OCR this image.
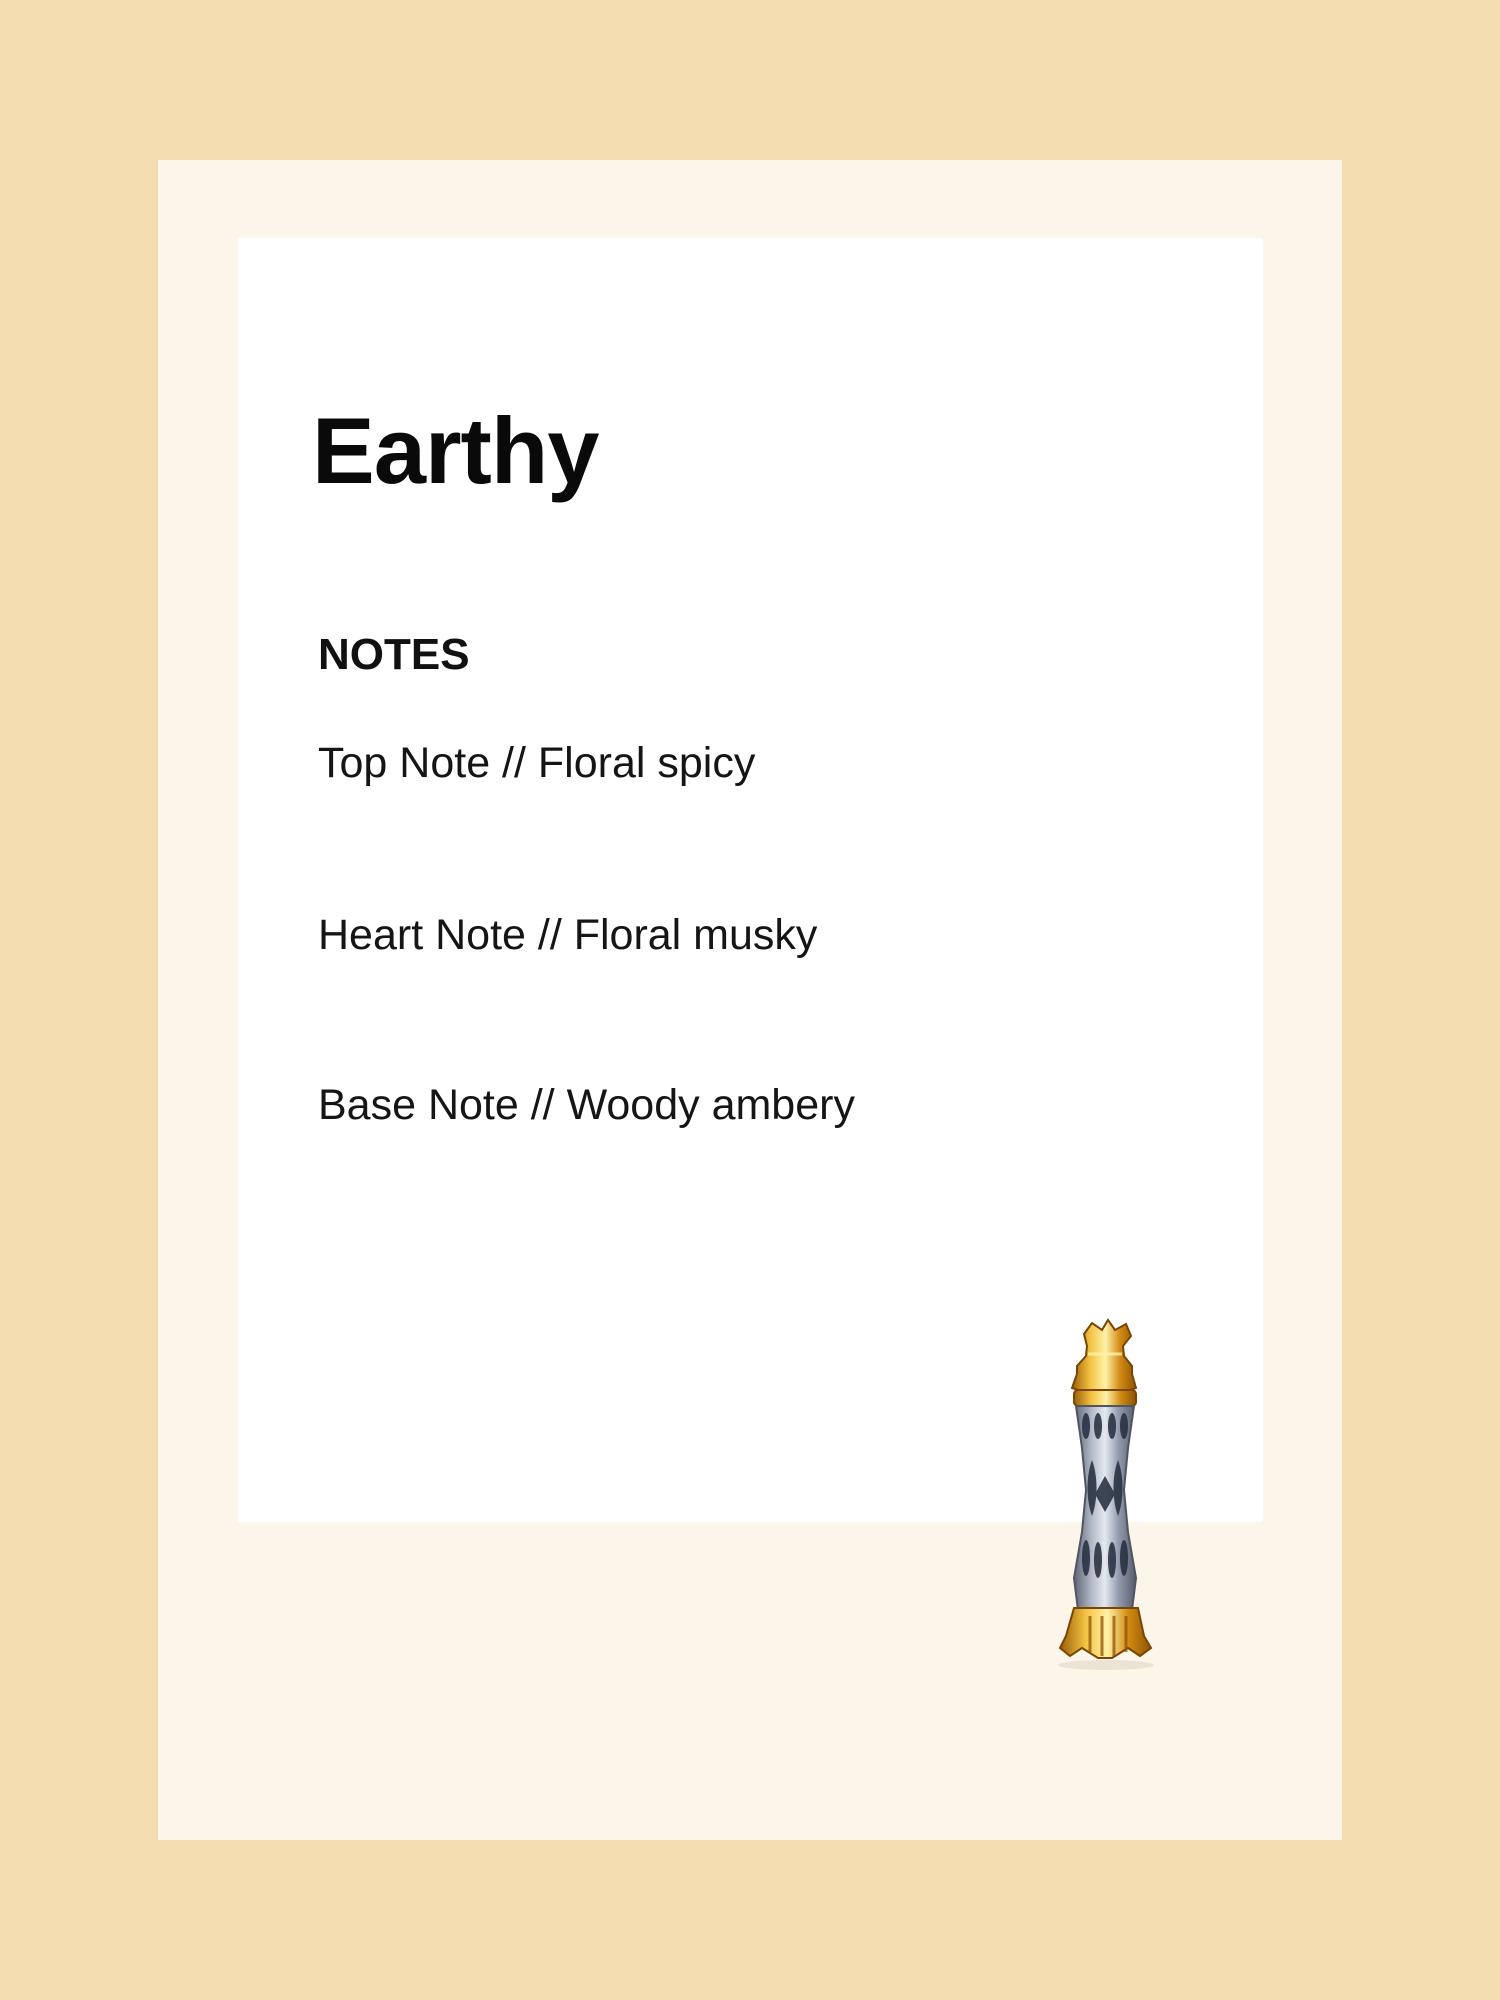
Earthy
NOTES

Top Note // Floral spicy

Heart Note // Floral musky

Base Note // Woody ambery
